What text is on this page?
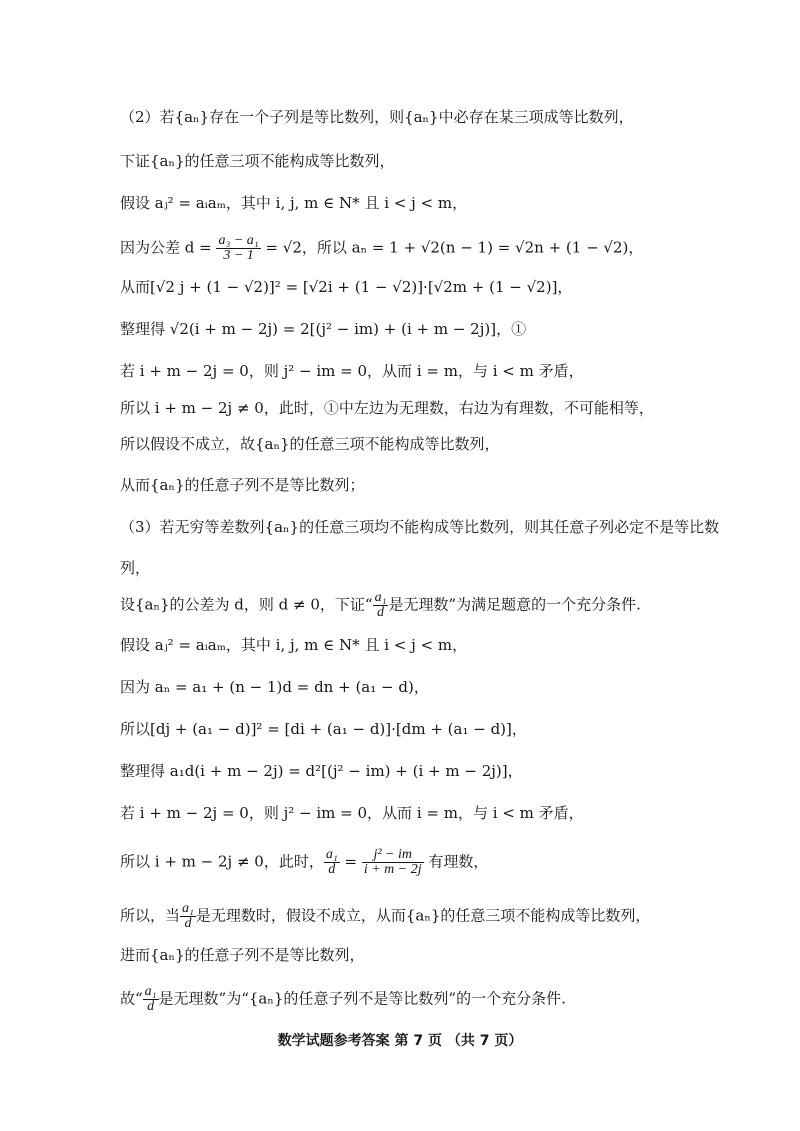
（2）若{aₙ}存在一个子列是等比数列，则{aₙ}中必存在某三项成等比数列，
下证{aₙ}的任意三项不能构成等比数列，
假设 aⱼ² = aᵢaₘ，其中 i, j, m ∈ N* 且 i < j < m，
因为公差 $d = \frac{\text{a₃ − a₁}}{3 - 1} = √2$，所以 aₙ = 1 + √2(n − 1) = √2n + (1 − √2)，
从而[√2 j + (1 − √2)]² = [√2i + (1 − √2)]·[√2m + (1 − √2)]，
整理得 √2(i + m − 2j) = 2[(j² − im) + (i + m − 2j)]，①
若 i + m − 2j = 0，则 j² − im = 0，从而 i = m，与 i < m 矛盾，
所以 i + m − 2j ≠ 0，此时，①中左边为无理数，右边为有理数，不可能相等，
所以假设不成立，故{aₙ}的任意三项不能构成等比数列，
从而{aₙ}的任意子列不是等比数列；
（3）若无穷等差数列{aₙ}的任意三项均不能构成等比数列，则其任意子列必定不是等比数
列，
设{aₙ}的公差为 d，则 d ≠ 0，下证“ $\frac{\text{a₁}}{d}$ 是无理数”为满足题意的一个充分条件.
假设 aⱼ² = aᵢaₘ，其中 i, j, m ∈ N* 且 i < j < m，
因为 aₙ = a₁ + (n − 1)d = dn + (a₁ − d)，
所以[dj + (a₁ − d)]² = [di + (a₁ − d)]·[dm + (a₁ − d)]，
整理得 a₁d(i + m − 2j) = d²[(j² − im) + (i + m − 2j)]，
若 i + m − 2j = 0，则 j² − im = 0，从而 i = m，与 i < m 矛盾，
所以 i + m − 2j ≠ 0，此时， $\frac{\text{a₁}}{d} = \frac{\text{j² − im}}{i + m - 2j}$ 有理数，
所以，当 $\frac{\text{a₁}}{d}$ 是无理数时，假设不成立，从而{aₙ}的任意三项不能构成等比数列，
进而{aₙ}的任意子列不是等比数列，
故“ $\frac{\text{a₁}}{d}$ 是无理数”为“{aₙ}的任意子列不是等比数列”的一个充分条件.
数学试题参考答案 第 7 页 （共 7 页）
